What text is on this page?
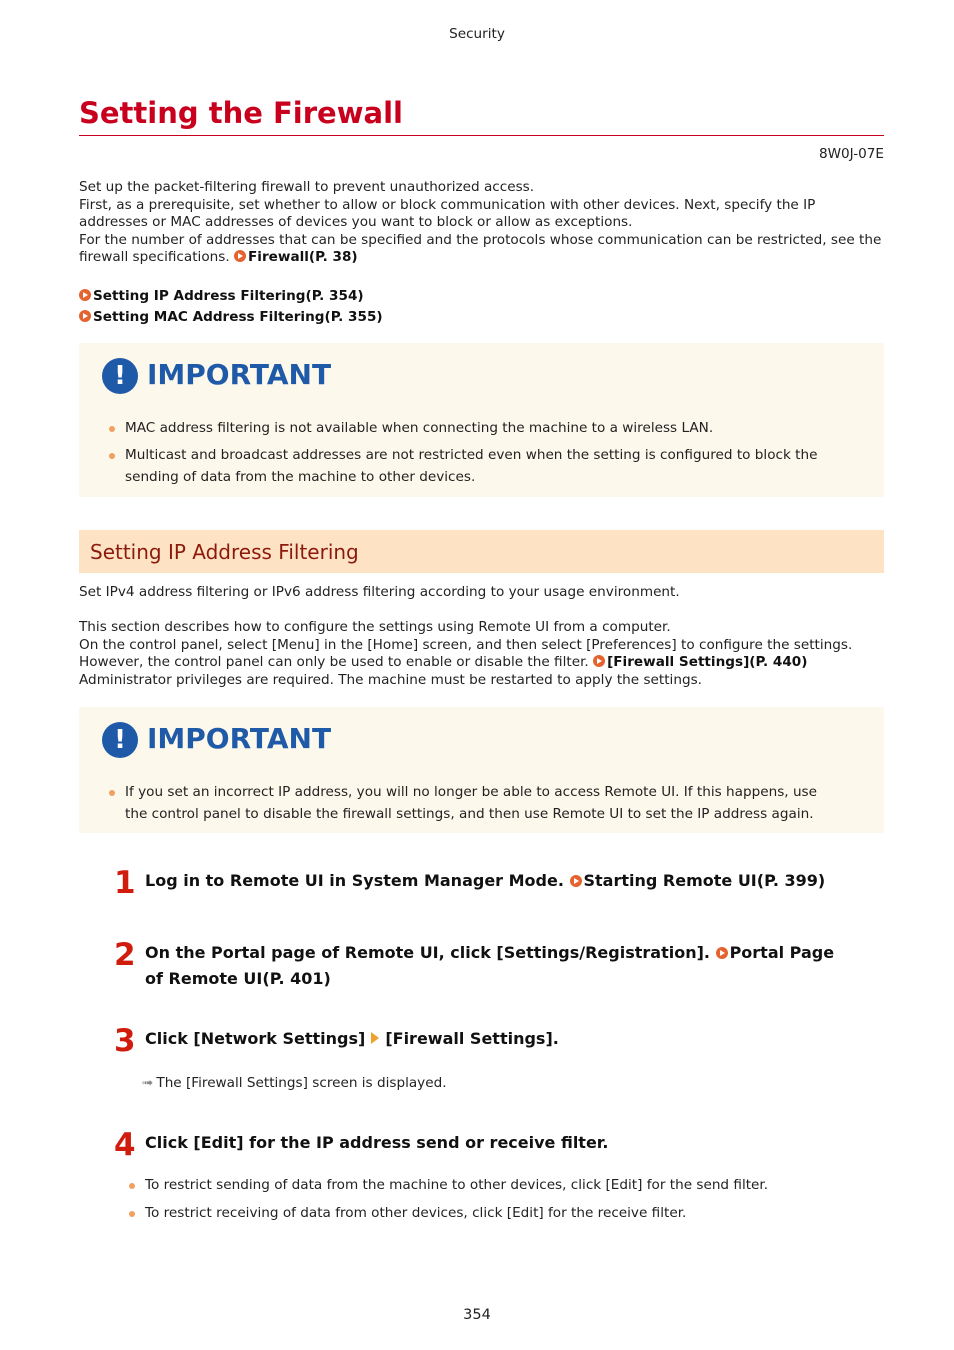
Security
Setting the Firewall
8W0J-07E

Set up the packet-filtering firewall to prevent unauthorized access.

First, as a prerequisite, set whether to allow or block communication with other devices. Next, specify the IP addresses or MAC addresses of devices you want to block or allow as exceptions.

For the number of addresses that can be specified and the protocols whose communication can be restricted, see the firewall specifications. Firewall(P. 38)

Setting IP Address Filtering(P. 354)
Setting MAC Address Filtering(P. 355)
! IMPORTANT
MAC address filtering is not available when connecting the machine to a wireless LAN.
Multicast and broadcast addresses are not restricted even when the setting is configured to block the sending of data from the machine to other devices.
Setting IP Address Filtering
Set IPv4 address filtering or IPv6 address filtering according to your usage environment.

This section describes how to configure the settings using Remote UI from a computer.

On the control panel, select [Menu] in the [Home] screen, and then select [Preferences] to configure the settings. However, the control panel can only be used to enable or disable the filter. [Firewall Settings](P. 440)

Administrator privileges are required. The machine must be restarted to apply the settings.

! IMPORTANT
If you set an incorrect IP address, you will no longer be able to access Remote UI. If this happens, use the control panel to disable the firewall settings, and then use Remote UI to set the IP address again.
1 Log in to Remote UI in System Manager Mode. Starting Remote UI(P. 399)
2 On the Portal page of Remote UI, click [Settings/Registration]. Portal Page of Remote UI(P. 401)
3 Click [Network Settings] [Firewall Settings].
➟ The [Firewall Settings] screen is displayed.
4 Click [Edit] for the IP address send or receive filter.
To restrict sending of data from the machine to other devices, click [Edit] for the send filter.
To restrict receiving of data from other devices, click [Edit] for the receive filter.
354
